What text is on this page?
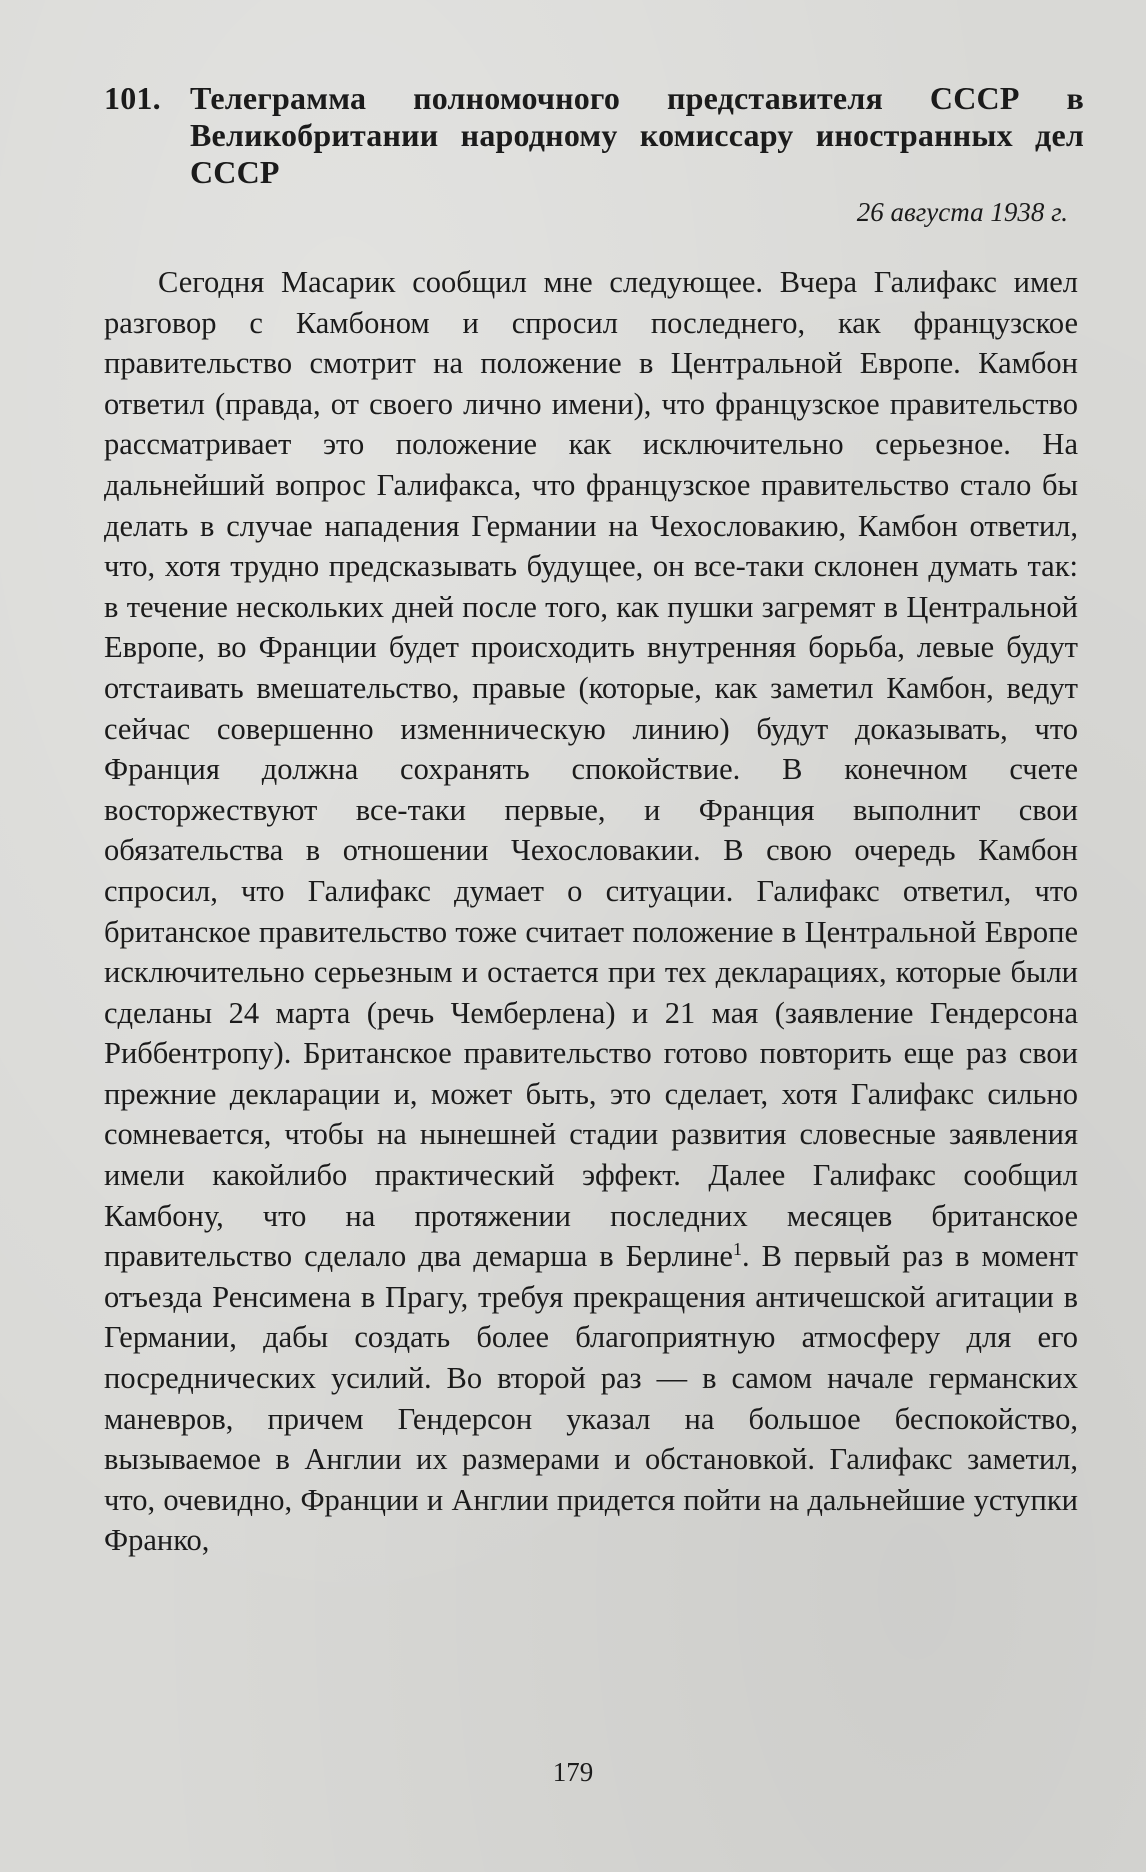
101. Телеграмма полномочного представителя СССР в Великобритании народному комиссару иностранных дел СССР
26 августа 1938 г.

Сегодня Масарик сообщил мне следующее. Вчера Галифакс имел разговор с Камбоном и спросил последнего, как французское правительство смотрит на положение в Центральной Европе. Камбон ответил (правда, от своего лично имени), что французское правительство рассматривает это положение как исключительно серьезное. На дальнейший вопрос Галифакса, что французское правительство стало бы делать в случае нападения Германии на Чехословакию, Камбон ответил, что, хотя трудно предсказывать будущее, он все-таки склонен думать так: в течение нескольких дней после того, как пушки загремят в Центральной Европе, во Франции будет происходить внутренняя борьба, левые будут отстаивать вмешательство, правые (которые, как заметил Камбон, ведут сейчас совершенно изменническую линию) будут доказывать, что Франция должна сохранять спокойствие. В конечном счете восторжествуют все-таки первые, и Франция выполнит свои обязательства в отношении Чехословакии. В свою очередь Камбон спросил, что Галифакс думает о ситуации. Галифакс ответил, что британское правительство тоже считает положение в Центральной Европе исключительно серьезным и остается при тех декларациях, которые были сделаны 24 марта (речь Чемберлена) и 21 мая (заявление Гендерсона Риббентропу). Британское правительство готово повторить еще раз свои прежние декларации и, может быть, это сделает, хотя Галифакс сильно сомневается, чтобы на нынешней стадии развития словесные заявления имели какойлибо практический эффект. Далее Галифакс сообщил Камбону, что на протяжении последних месяцев британское правительство сделало два демарша в Берлине$^1$. В первый раз в момент отъезда Ренсимена в Прагу, требуя прекращения античешской агитации в Германии, дабы создать более благоприятную атмосферу для его посреднических усилий. Во второй раз — в самом начале германских маневров, причем Гендерсон указал на большое беспокойство, вызываемое в Англии их размерами и обстановкой. Галифакс заметил, что, очевидно, Франции и Англии придется пойти на дальнейшие уступки Франко,

179
